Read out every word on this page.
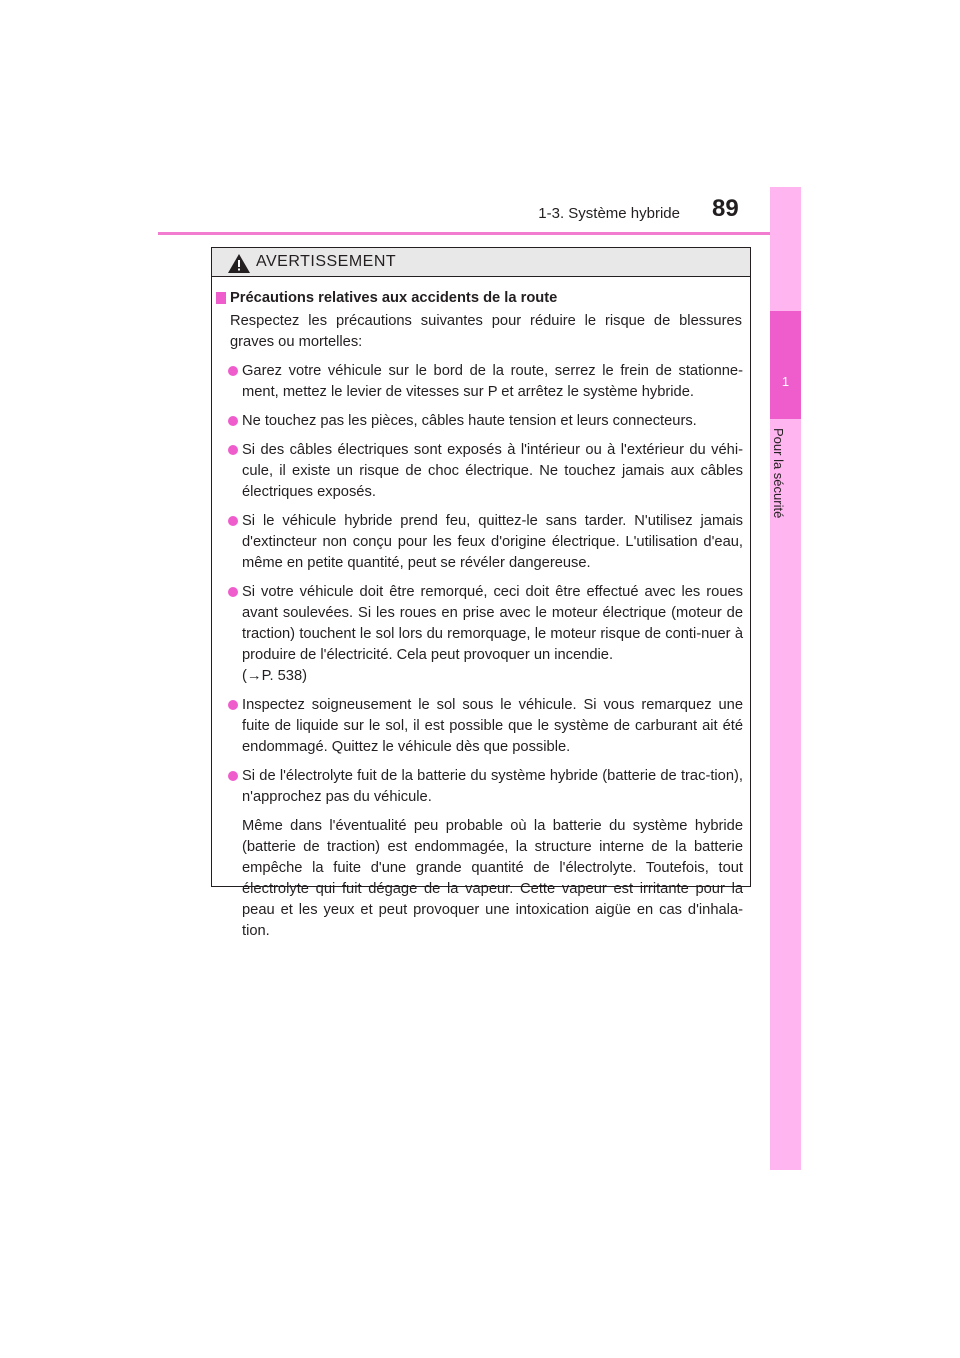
1-3. Système hybride 89
1
Pour la sécurité
AVERTISSEMENT
Précautions relatives aux accidents de la route
Respectez les précautions suivantes pour réduire le risque de blessures graves ou mortelles:
Garez votre véhicule sur le bord de la route, serrez le frein de stationne-ment, mettez le levier de vitesses sur P et arrêtez le système hybride.
Ne touchez pas les pièces, câbles haute tension et leurs connecteurs.
Si des câbles électriques sont exposés à l'intérieur ou à l'extérieur du véhi-cule, il existe un risque de choc électrique. Ne touchez jamais aux câbles électriques exposés.
Si le véhicule hybride prend feu, quittez-le sans tarder. N'utilisez jamais d'extincteur non conçu pour les feux d'origine électrique. L'utilisation d'eau, même en petite quantité, peut se révéler dangereuse.
Si votre véhicule doit être remorqué, ceci doit être effectué avec les roues avant soulevées. Si les roues en prise avec le moteur électrique (moteur de traction) touchent le sol lors du remorquage, le moteur risque de conti-nuer à produire de l'électricité. Cela peut provoquer un incendie.
(→P. 538)
Inspectez soigneusement le sol sous le véhicule. Si vous remarquez une fuite de liquide sur le sol, il est possible que le système de carburant ait été endommagé. Quittez le véhicule dès que possible.
Si de l'électrolyte fuit de la batterie du système hybride (batterie de trac-tion), n'approchez pas du véhicule.
Même dans l'éventualité peu probable où la batterie du système hybride (batterie de traction) est endommagée, la structure interne de la batterie empêche la fuite d'une grande quantité de l'électrolyte. Toutefois, tout électrolyte qui fuit dégage de la vapeur. Cette vapeur est irritante pour la peau et les yeux et peut provoquer une intoxication aigüe en cas d'inhala-tion.
